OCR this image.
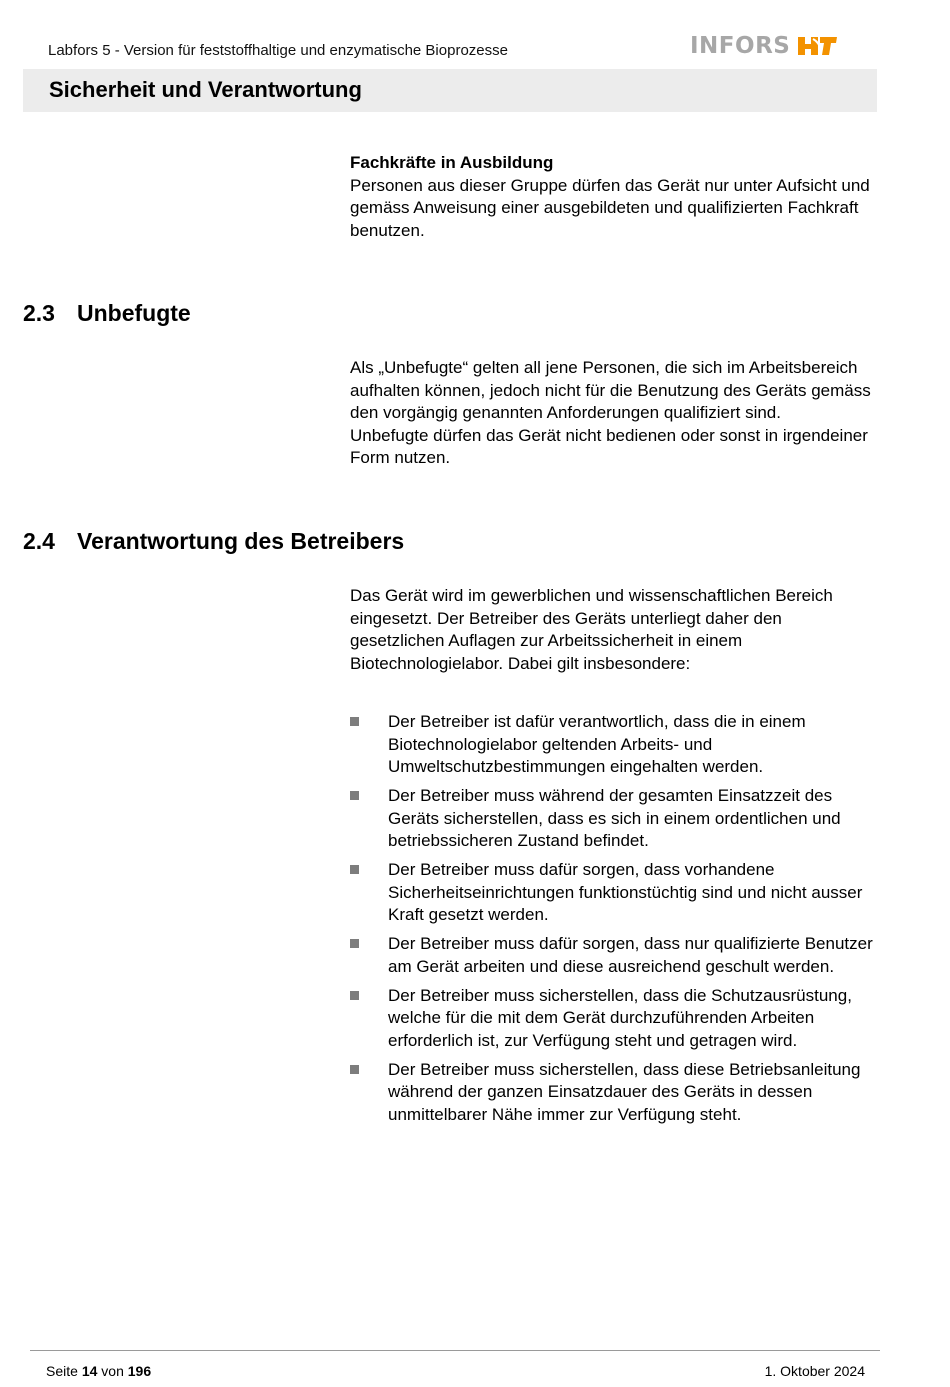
Labfors 5 - Version für feststoffhaltige und enzymatische Bioprozesse	INFORS
Sicherheit und Verantwortung

Fachkräfte in Ausbildung

Personen aus dieser Gruppe dürfen das Gerät nur unter Aufsicht und gemäss Anweisung einer ausgebildeten und qualifizierten Fachkraft benutzen.

2.3 Unbefugte

Als „Unbefugte“ gelten all jene Personen, die sich im Arbeitsbereich aufhalten können, jedoch nicht für die Benutzung des Geräts gemäss den vorgängig genannten Anforderungen qualifiziert sind.

Unbefugte dürfen das Gerät nicht bedienen oder sonst in irgendeiner Form nutzen.

2.4 Verantwortung des Betreibers

Das Gerät wird im gewerblichen und wissenschaftlichen Bereich eingesetzt. Der Betreiber des Geräts unterliegt daher den gesetzlichen Auflagen zur Arbeitssicherheit in einem Biotechnologielabor. Dabei gilt insbesondere:

Der Betreiber ist dafür verantwortlich, dass die in einem Biotechnologielabor geltenden Arbeits- und Umweltschutzbestimmungen eingehalten werden.
Der Betreiber muss während der gesamten Einsatzzeit des Geräts sicherstellen, dass es sich in einem ordentlichen und betriebssicheren Zustand befindet.
Der Betreiber muss dafür sorgen, dass vorhandene Sicherheitseinrichtungen funktionstüchtig sind und nicht ausser Kraft gesetzt werden.
Der Betreiber muss dafür sorgen, dass nur qualifizierte Benutzer am Gerät arbeiten und diese ausreichend geschult werden.
Der Betreiber muss sicherstellen, dass die Schutzausrüstung, welche für die mit dem Gerät durchzuführenden Arbeiten erforderlich ist, zur Verfügung steht und getragen wird.
Der Betreiber muss sicherstellen, dass diese Betriebsanleitung während der ganzen Einsatzdauer des Geräts in dessen unmittelbarer Nähe immer zur Verfügung steht.
Seite 14 von 196	1. Oktober 2024
